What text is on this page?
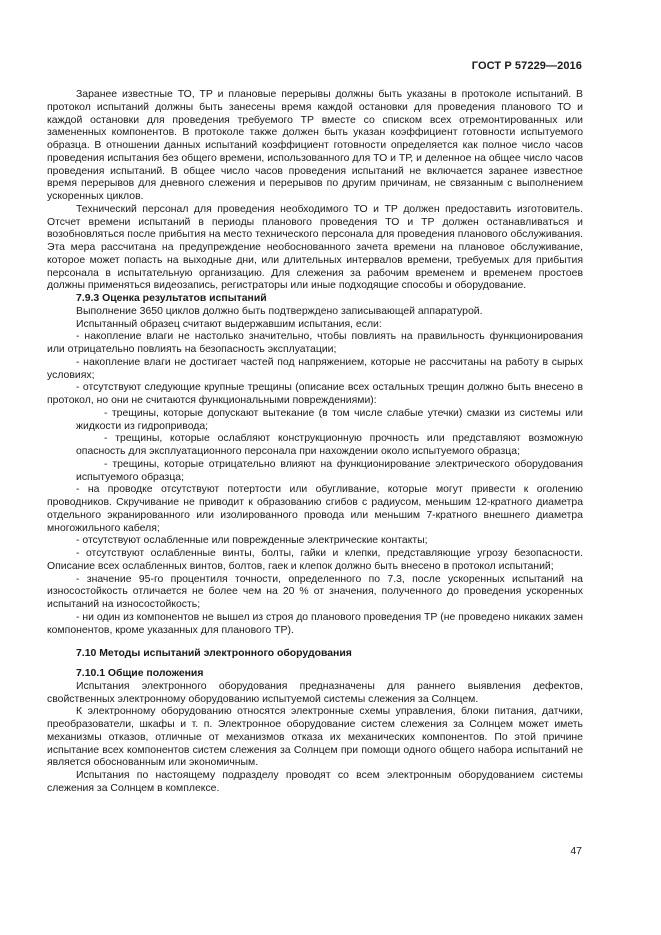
ГОСТ Р 57229—2016

Заранее известные ТО, ТР и плановые перерывы должны быть указаны в протоколе испытаний. В протокол испытаний должны быть занесены время каждой остановки для проведения планового ТО и каждой остановки для проведения требуемого ТР вместе со списком всех отремонтированных или замененных компонентов. В протоколе также должен быть указан коэффициент готовности испытуемого образца. В отношении данных испытаний коэффициент готовности определяется как полное число часов проведения испытания без общего времени, использованного для ТО и ТР, и деленное на общее число часов проведения испытаний. В общее число часов проведения испытаний не включается заранее известное время перерывов для дневного слежения и перерывов по другим причинам, не связанным с выполнением ускоренных циклов.

Технический персонал для проведения необходимого ТО и ТР должен предоставить изготовитель. Отсчет времени испытаний в периоды планового проведения ТО и ТР должен останавливаться и возобновляться после прибытия на место технического персонала для проведения планового обслуживания. Эта мера рассчитана на предупреждение необоснованного зачета времени на плановое обслуживание, которое может попасть на выходные дни, или длительных интервалов времени, требуемых для прибытия персонала в испытательную организацию. Для слежения за рабочим временем и временем простоев должны применяться видеозапись, регистраторы или иные подходящие способы и оборудование.

7.9.3 Оценка результатов испытаний

Выполнение 3650 циклов должно быть подтверждено записывающей аппаратурой.

Испытанный образец считают выдержавшим испытания, если:

- накопление влаги не настолько значительно, чтобы повлиять на правильность функционирования или отрицательно повлиять на безопасность эксплуатации;

- накопление влаги не достигает частей под напряжением, которые не рассчитаны на работу в сырых условиях;

- отсутствуют следующие крупные трещины (описание всех остальных трещин должно быть внесено в протокол, но они не считаются функциональными повреждениями):

- трещины, которые допускают вытекание (в том числе слабые утечки) смазки из системы или жидкости из гидропривода;

- трещины, которые ослабляют конструкционную прочность или представляют возможную опасность для эксплуатационного персонала при нахождении около испытуемого образца;

- трещины, которые отрицательно влияют на функционирование электрического оборудования испытуемого образца;

- на проводке отсутствуют потертости или обугливание, которые могут привести к оголению проводников. Скручивание не приводит к образованию сгибов с радиусом, меньшим 12-кратного диаметра отдельного экранированного или изолированного провода или меньшим 7-кратного внешнего диаметра многожильного кабеля;

- отсутствуют ослабленные или поврежденные электрические контакты;

- отсутствуют ослабленные винты, болты, гайки и клепки, представляющие угрозу безопасности. Описание всех ослабленных винтов, болтов, гаек и клепок должно быть внесено в протокол испытаний;

- значение 95-го процентиля точности, определенного по 7.3, после ускоренных испытаний на износостойкость отличается не более чем на 20 % от значения, полученного до проведения ускоренных испытаний на износостойкость;

- ни один из компонентов не вышел из строя до планового проведения ТР (не проведено никаких замен компонентов, кроме указанных для планового ТР).

7.10 Методы испытаний электронного оборудования

7.10.1 Общие положения

Испытания электронного оборудования предназначены для раннего выявления дефектов, свойственных электронному оборудованию испытуемой системы слежения за Солнцем.

К электронному оборудованию относятся электронные схемы управления, блоки питания, датчики, преобразователи, шкафы и т. п. Электронное оборудование систем слежения за Солнцем может иметь механизмы отказов, отличные от механизмов отказа их механических компонентов. По этой причине испытание всех компонентов систем слежения за Солнцем при помощи одного общего набора испытаний не является обоснованным или экономичным.

Испытания по настоящему подразделу проводят со всем электронным оборудованием системы слежения за Солнцем в комплексе.

47
